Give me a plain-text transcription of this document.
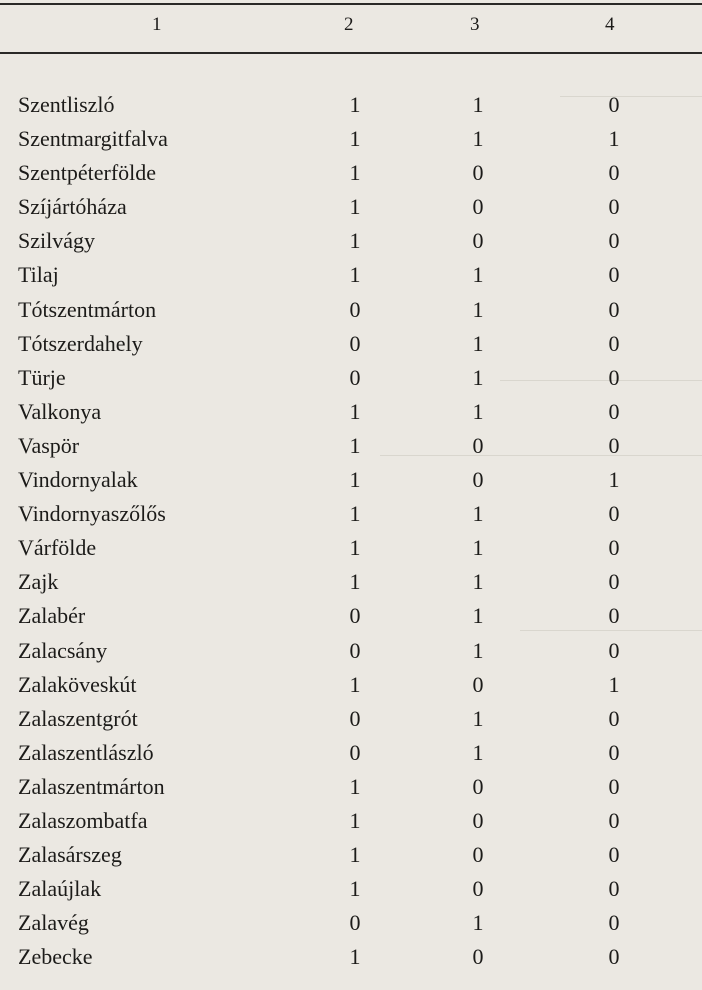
1	2	3	4
Szentliszló	1	1	0
Szentmargitfalva	1	1	1
Szentpéterfölde	1	0	0
Szíjártóháza	1	0	0
Szilvágy	1	0	0
Tilaj	1	1	0
Tótszentmárton	0	1	0
Tótszerdahely	0	1	0
Türje	0	1	0
Valkonya	1	1	0
Vaspör	1	0	0
Vindornyalak	1	0	1
Vindornyaszőlős	1	1	0
Várfölde	1	1	0
Zajk	1	1	0
Zalabér	0	1	0
Zalacsány	0	1	0
Zalaköveskút	1	0	1
Zalaszentgrót	0	1	0
Zalaszentlászló	0	1	0
Zalaszentmárton	1	0	0
Zalaszombatfa	1	0	0
Zalasárszeg	1	0	0
Zalaújlak	1	0	0
Zalavég	0	1	0
Zebecke	1	0	0
